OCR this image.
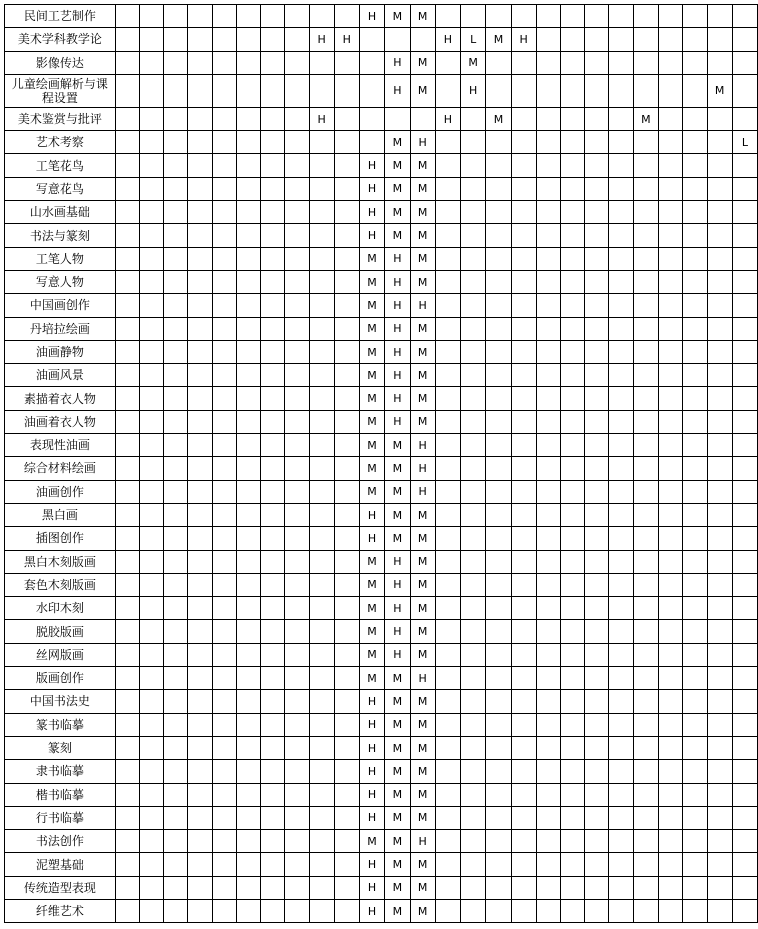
民间工艺制作											H	M	M													
美术学科教学论									H	H				H	L	M	H									
影像传达												H	M		M											
儿童绘画解析与课程设置												H	M		H										M	
美术鉴赏与批评									H					H		M						M				
艺术考察												M	H													L
工笔花鸟											H	M	M													
写意花鸟											H	M	M													
山水画基础											H	M	M													
书法与篆刻											H	M	M													
工笔人物											M	H	M													
写意人物											M	H	M													
中国画创作											M	H	H													
丹培拉绘画											M	H	M													
油画静物											M	H	M													
油画风景											M	H	M													
素描着衣人物											M	H	M													
油画着衣人物											M	H	M													
表现性油画											M	M	H													
综合材料绘画											M	M	H													
油画创作											M	M	H													
黑白画											H	M	M													
插图创作											H	M	M													
黑白木刻版画											M	H	M													
套色木刻版画											M	H	M													
水印木刻											M	H	M													
脱胶版画											M	H	M													
丝网版画											M	H	M													
版画创作											M	M	H													
中国书法史											H	M	M													
篆书临摹											H	M	M													
篆刻											H	M	M													
隶书临摹											H	M	M													
楷书临摹											H	M	M													
行书临摹											H	M	M													
书法创作											M	M	H													
泥塑基础											H	M	M													
传统造型表现											H	M	M													
纤维艺术											H	M	M													
